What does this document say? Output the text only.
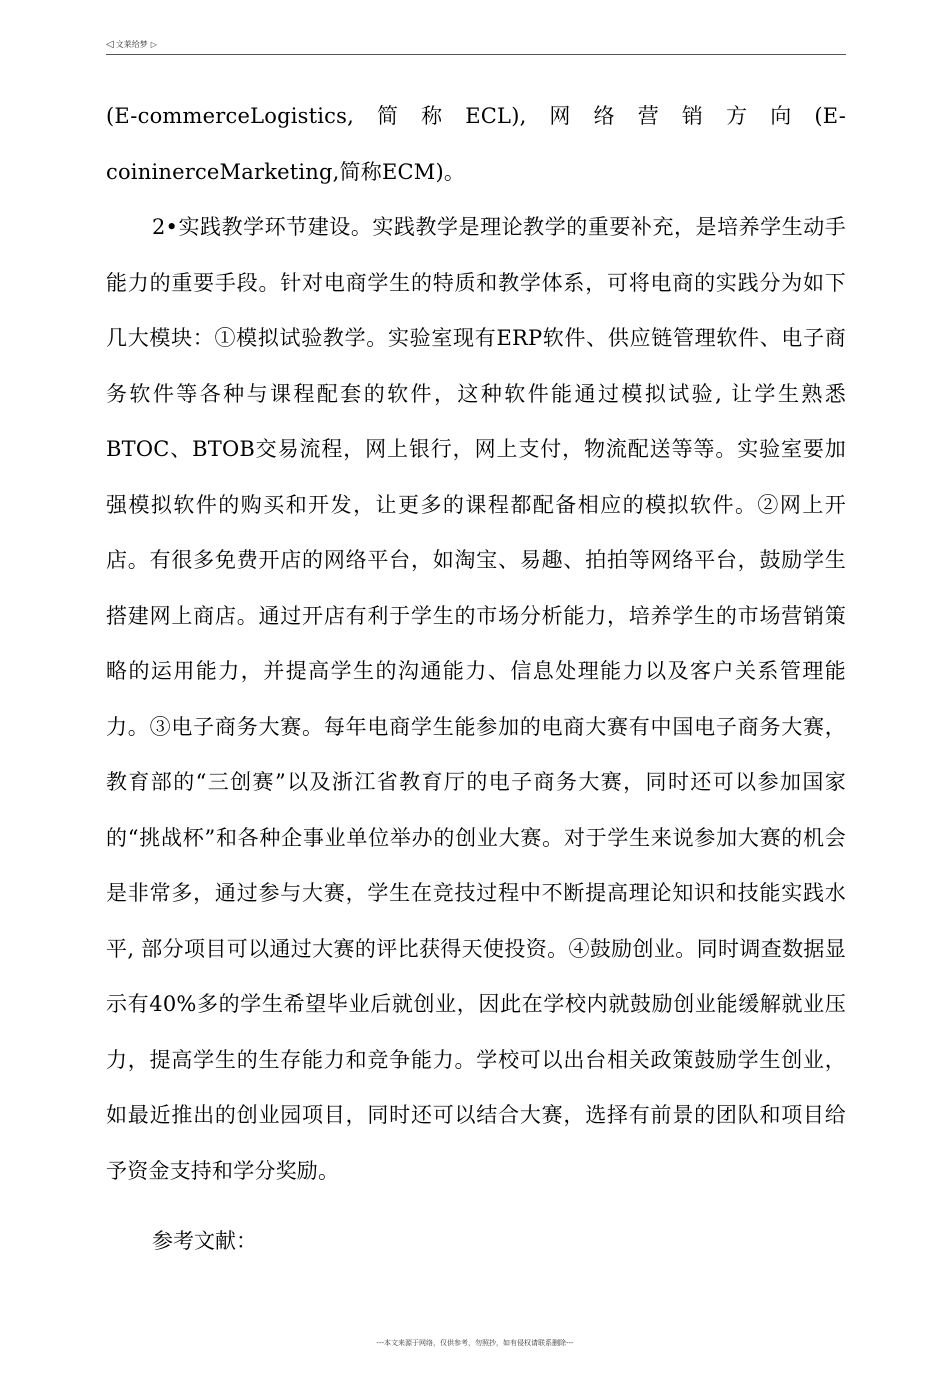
◁ 文莱给梦 ▷

(E-commerceLogistics,简称ECL),网络营销方向(E-coininerceMarketing,简称ECM)。

2•实践教学环节建设。实践教学是理论教学的重要补充，是培养学生动手能力的重要手段。针对电商学生的特质和教学体系，可将电商的实践分为如下几大模块：①模拟试验教学。实验室现有ERP软件、供应链管理软件、电子商务软件等各种与课程配套的软件，这种软件能通过模拟试验, 让学生熟悉BTOC、BTOB交易流程，网上银行，网上支付，物流配送等等。实验室要加强模拟软件的购买和开发，让更多的课程都配备相应的模拟软件。②网上开店。有很多免费开店的网络平台，如淘宝、易趣、拍拍等网络平台，鼓励学生搭建网上商店。通过开店有利于学生的市场分析能力，培养学生的市场营销策略的运用能力，并提高学生的沟通能力、信息处理能力以及客户关系管理能力。③电子商务大赛。每年电商学生能参加的电商大赛有中国电子商务大赛，教育部的“三创赛”以及浙江省教育厅的电子商务大赛，同时还可以参加国家的“挑战杯”和各种企事业单位举办的创业大赛。对于学生来说参加大赛的机会是非常多，通过参与大赛，学生在竞技过程中不断提高理论知识和技能实践水平, 部分项目可以通过大赛的评比获得天使投资。④鼓励创业。同时调查数据显示有40%多的学生希望毕业后就创业，因此在学校内就鼓励创业能缓解就业压力，提高学生的生存能力和竞争能力。学校可以出台相关政策鼓励学生创业，如最近推出的创业园项目，同时还可以结合大赛，选择有前景的团队和项目给予资金支持和学分奖励。

参考文献：
---本文来源于网络，仅供参考，勿照抄，如有侵权请联系删除---
